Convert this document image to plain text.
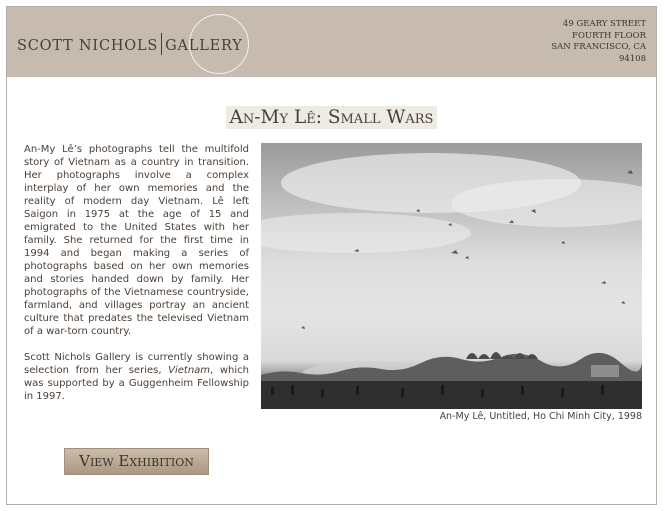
SCOTT NICHOLS GALLERY
49 GEARY STREET
FOURTH FLOOR
SAN FRANCISCO, CA
94108
An-My Lê: Small Wars

An-My Lê’s photographs tell the multifold story of Vietnam as a country in transition. Her photographs involve a complex interplay of her own memories and the reality of modern day Vietnam. Lê left Saigon in 1975 at the age of 15 and emigrated to the United States with her family. She returned for the first time in 1994 and began making a series of photographs based on her own memories and stories handed down by family. Her photographs of the Vietnamese countryside, farmland, and villages portray an ancient culture that predates the televised Vietnam of a war-torn country.

Scott Nichols Gallery is currently showing a selection from her series, Vietnam, which was supported by a Guggenheim Fellowship in 1997.

An-My Lê, Untitled, Ho Chi Minh City, 1998
View Exhibition
